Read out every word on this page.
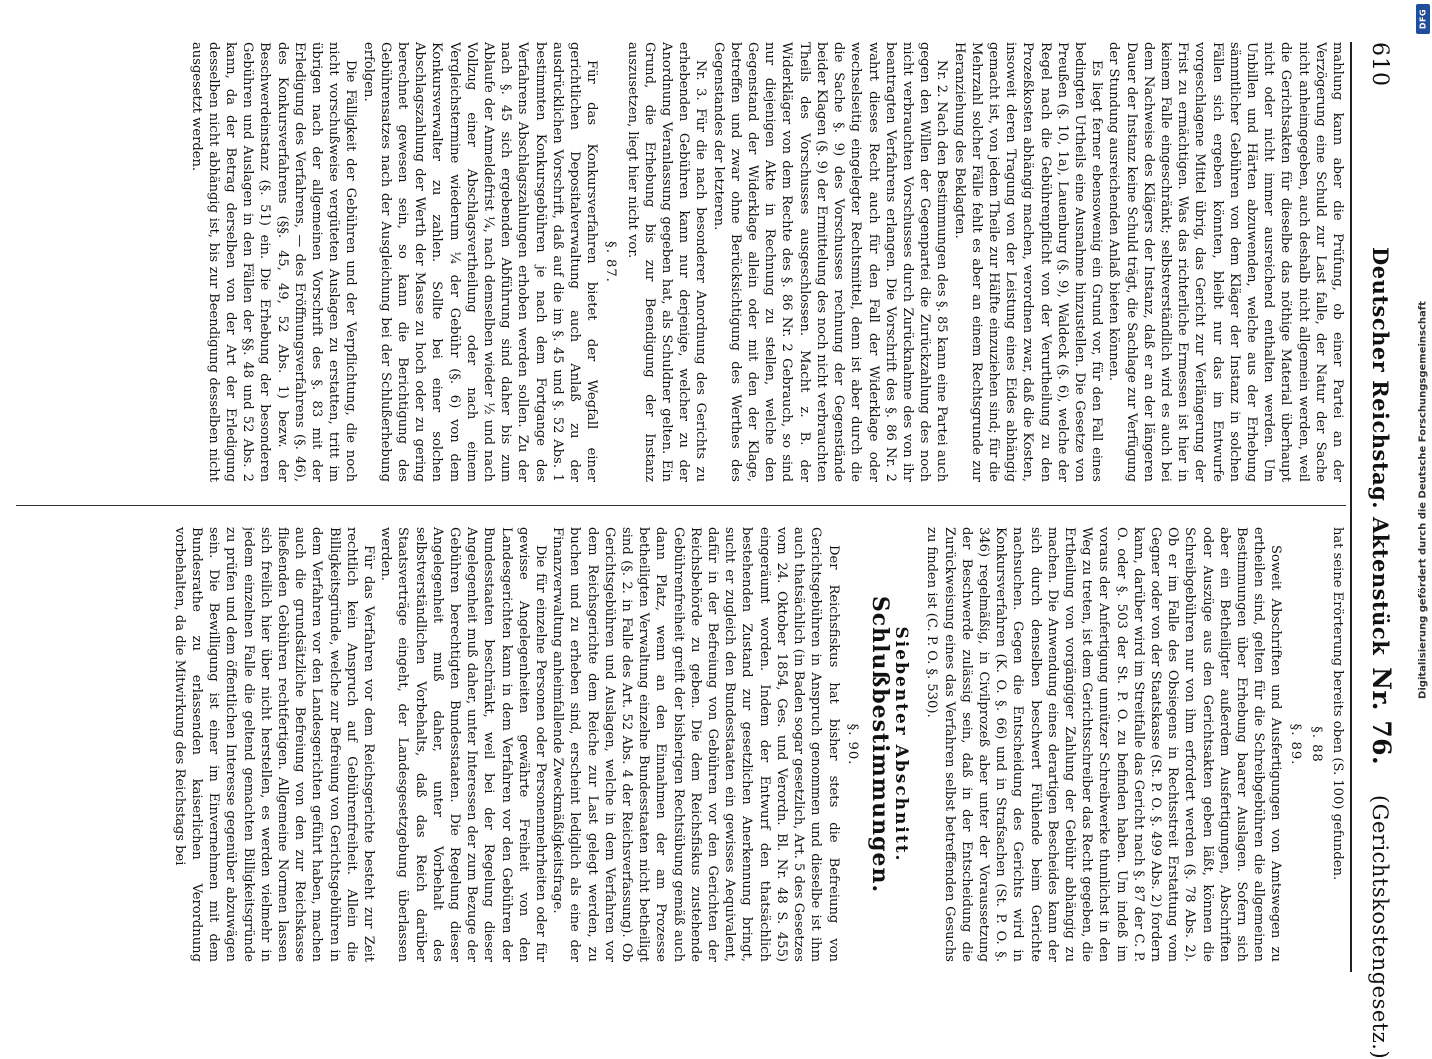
610
Deutscher Reichstag. Aktenstück Nr. 76. (Gerichtskostengesetz.)

mahlung kann aber die Prüfung, ob einer Partei an der Verzögerung eine Schuld zur Last falle, der Natur der Sache nicht anheimgegeben, auch deshalb nicht allgemein werden, weil die Gerichtsakten für dieselbe das nöthige Material überhaupt nicht oder nicht immer ausreichend enthalten werden. Um Unbillen und Härten abzuwenden, welche aus der Erhebung sämmtlicher Gebühren von dem Kläger der Instanz in solchen Fällen sich ergeben könnten, bleibt nur das im Entwurfe vorgeschlagene Mittel übrig, das Gericht zur Verlängerung der Frist zu ermächtigen. Was das richterliche Ermessen ist hier in keinem Falle eingeschränkt; selbstverständlich wird es auch bei dem Nachweise des Klägers der Instanz, daß er an der längeren Dauer der Instanz keine Schuld trägt, die Sachlage zur Verfügung der Stundung ausreichenden Anlaß bieten können.

Es liegt ferner ebensowenig ein Grund vor, für den Fall eines bedingten Urtheils eine Ausnahme hinzustellen. Die Gesetze von Preußen (§. 10, 1a), Lauenburg (§. 9), Waldeck (§. 6), welche der Regel nach die Gebührenpflicht von der Verurtheilung zu den Prozeßkosten abhängig machen, verordnen zwar, daß die Kosten, insoweit deren Tragung von der Leistung eines Eides abhängig gemacht ist, von jedem Theile zur Hälfte einzuziehen sind; für die Mehrzahl solcher Fälle fehlt es aber an einem Rechtsgrunde zur Heranziehung des Beklagten.

Nr. 2. Nach den Bestimmungen des §. 85 kann eine Partei auch gegen den Willen der Gegenpartei die Zurückzahlung des noch nicht verbrauchten Vorschusses durch Zurücknahme des von ihr beantragten Verfahrens erlangen. Die Vorschrift des §. 86 Nr. 2 wahrt dieses Recht auch für den Fall der Widerklage oder wechselseitig eingelegter Rechtsmittel, denn ist aber durch die die Sache §. 9) des Vorschusses rechnung der Gegenstände beider Klagen (§. 9) der Ermittelung des noch nicht verbrauchten Theils des Vorschusses ausgeschlossen. Macht z. B. der Widerkläger von dem Rechte des §. 86 Nr. 2 Gebrauch, so sind nur diejenigen Akte in Rechnung zu stellen, welche den Gegenstand der Widerklage allein oder mit den der Klage, betreffen und zwar ohne Berücksichtigung des Werthes des Gegenstandes der letzteren.

Nr. 3. Für die nach besonderer Anordnung des Gerichts zu erhebenden Gebühren kann nur derjenige, welcher zu der Anordnung Veranlassung gegeben hat, als Schuldner gelten. Ein Grund, die Erhebung bis zur Beendigung der Instanz auszusetzen, liegt hier nicht vor.

§. 87.

Für das Konkursverfahren bietet der Wegfall einer gerichtlichen Depositalverwaltung auch Anlaß zu der ausdrücklichen Vorschrift, daß auf die im §. 45 und §. 52 Abs. 1 bestimmten Konkursgebühren je nach dem Fortgange des Verfahrens Abschlagszahlungen erhoben werden sollen. Zu der nach §. 45 sich ergebenden Abführung sind daher bis zum Ablaufe der Anmeldefrist ¼, nach demselben wieder ½ und nach Vollzug einer Abschlagsvertheilung oder nach einem Vergleichstermine wiederum ¼ der Gebühr (§. 6) von dem Konkursverwalter zu zahlen. Sollte bei einer solchen Abschlagszahlung der Werth der Masse zu hoch oder zu gering berechnet gewesen sein, so kann die Berichtigung des Gebührensatzes nach der Ausgleichung bei der Schlußerhebung erfolgen.

Die Fälligkeit der Gebühren und der Verpflichtung, die noch nicht vorschußweise vergüteten Auslagen zu erstatten, tritt im übrigen nach der allgemeinen Vorschrift des §. 83 mit der Erledigung des Verfahrens, — des Eröffnungsverfahrens (§. 46), des Konkursverfahrens (§§. 45, 49, 52 Abs. 1) bezw. der Beschwerdeinstanz (§. 51) ein. Die Erhebung der besonderen Gebühren und Auslagen in den Fällen der §§. 48 und 52 Abs. 2 kann, da der Betrag derselben von der Art der Erledigung desselben nicht abhängig ist, bis zur Beendigung desselben nicht ausgesetzt werden.

hat seine Erörterung bereits oben (S. 100) gefunden.

§. 88
§. 89.

Soweit Abschriften und Ausfertigungen von Amtswegen zu ertheilen sind, gelten für die Schreibgebühren die allgemeinen Bestimmungen über Erhebung baarer Auslagen. Sofern sich aber ein Betheiligter außerdem Ausfertigungen, Abschriften oder Auszüge aus den Gerichtsakten geben läßt, können die Schreibgebühren nur von ihm erfordert werden (§. 78 Abs. 2). Ob er im Falle des Obsiegens in Rechtsstreit Erstattung vom Gegner oder von der Staatskasse (St. P. O. §. 499 Abs. 2) fordern kann, darüber wird im Streitfalle das Gericht nach §. 87 der C. P. O. oder §. 503 der St. P. O. zu befinden haben. Um indeß im voraus der Anfertigung unnützer Schreibwerke thunlichst in den Weg zu treten, ist dem Gerichtsschreiber das Recht gegeben, die Ertheilung von vorgängiger Zahlung der Gebühr abhängig zu machen. Die Anwendung eines derartigen Bescheides kann der sich durch denselben beschwert Fühlende beim Gerichte nachsuchen. Gegen die Entscheidung des Gerichts wird in Konkursverfahren (K. O. §. 66) und in Strafsachen (St. P. O. §. 346) regelmäßig, in Civilprozeß aber unter der Voraussetzung der Beschwerde zulässig sein, daß in der Entscheidung die Zurückweisung eines das Verfahren selbst betreffenden Gesuchs zu finden ist (C. P. O. §. 530).

Siebenter Abschnitt.
Schlußbestimmungen.
§. 90.

Der Reichsfiskus hat bisher stets die Befreiung von Gerichtsgebühren in Anspruch genommen und dieselbe ist ihm auch thatsächlich (in Baden sogar gesetzlich, Art. 5 des Gesetzes vom 24. Oktober 1854, Ges. und Verordn. Bl. Nr. 48 S. 455) eingeräumt worden. Indem der Entwurf den thatsächlich bestehenden Zustand zur gesetzlichen Anerkennung bringt, sucht er zugleich den Bundesstaaten ein gewisses Aequivalent, dafür in der Befreiung von Gebühren vor den Gerichten der Reichsbehörde zu geben. Die dem Reichsfiskus zustehende Gebührenfreiheit greift der bisherigen Rechtsübung gemäß auch dann Platz, wenn an den Einnahmen der am Prozesse betheiligten Verwaltung einzelne Bundesstaaten nicht betheiligt sind (§. 2. in Falle des Art. 52 Abs. 4 der Reichsverfassung). Ob Gerichtsgebühren und Auslagen, welche in dem Verfahren vor dem Reichsgerichte dem Reiche zur Last gelegt werden, zu buchen und zu erheben sind, erscheint lediglich als eine der Finanzverwaltung anheimfallende Zweckmäßigkeitsfrage.

Die für einzelne Personen oder Personenmehrheiten oder für gewisse Angelegenheiten gewährte Freiheit von den Landesgerichten kann in dem Verfahren vor den Gebühren der Bundesstaaten beschränkt, weil bei der Regelung dieser Angelegenheit muß daher, unter Interessen der zum Bezuge der Gebühren berechtigten Bundesstaaten. Die Regelung dieser Angelegenheit muß daher, unter Vorbehalt des selbstverständlichen Vorbehalts, daß das Reich darüber Staatsverträge eingeht, der Landesgesetzgebung überlassen werden.

Für das Verfahren vor dem Reichsgerichte besteht zur Zeit rechtlich kein Anspruch auf Gebührenfreiheit. Allein die Billigkeitsgründe, welche zur Befreiung von Gerichtsgebühren in dem Verfahren vor den Landesgerichten geführt haben, machen auch die grundsätzliche Befreiung von den zur Reichskasse fließenden Gebühren rechtfertigen. Allgemeine Normen lassen sich freilich hier über nicht herstellen, es werden vielmehr in jedem einzelnen Falle die geltend gemachten Billigkeitsgründe zu prüfen und dem öffentlichen Interesse gegenüber abzuwägen sein. Die Bewilligung ist einer im Einvernehmen mit dem Bundesrathe zu erlassenden kaiserlichen Verordnung vorbehalten, da die Mitwirkung des Reichstags bei	Digitalisierung gefördert durch die Deutsche Forschungsgemeinschaft
DFG
